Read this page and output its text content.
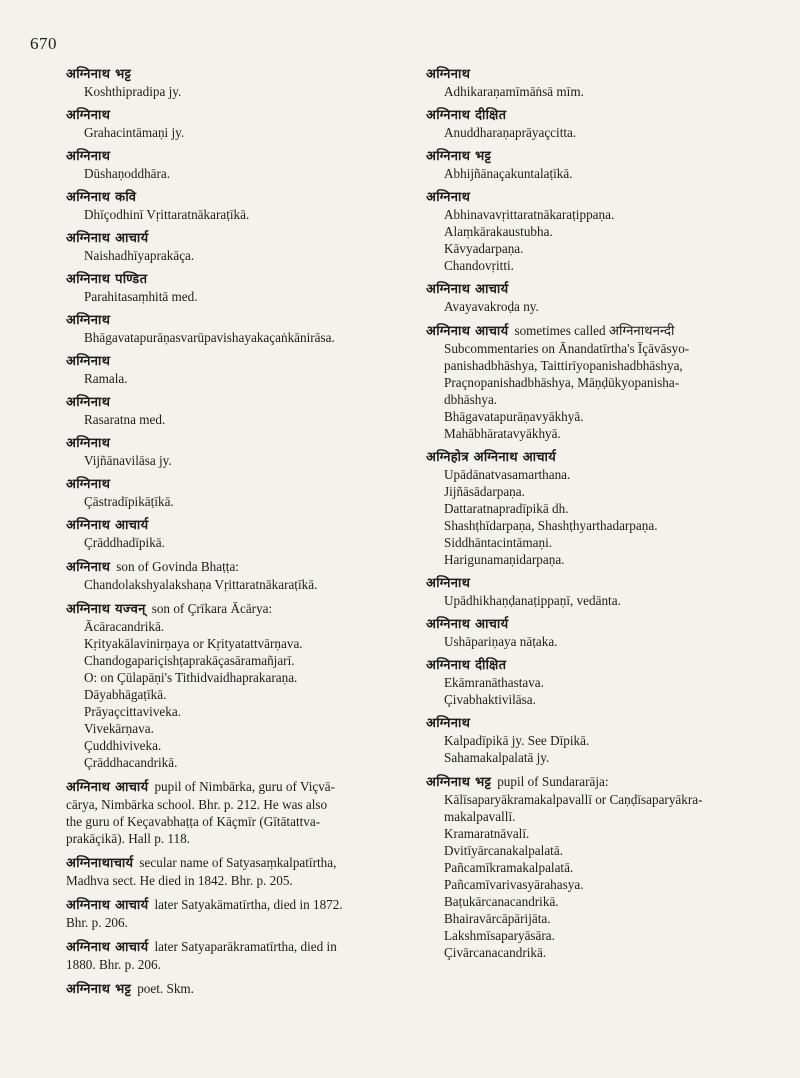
670
अग्निनाथ भट्ट
Koshthipradipa jy.
अग्निनाथ
Grahacintāmaṇi jy.
अग्निनाथ
Dūshaṇoddhāra.
अग्निनाथ कवि
Dhīçodhinī Vṛittaratnākaraṭīkā.
अग्निनाथ आचार्य
Naishadhīyaprakāça.
अग्निनाथ पण्डित
Parahitasaṃhitā med.
अग्निनाथ
Bhāgavatapurāṇasvarūpavishayakaçaṅkānirāsa.
अग्निनाथ
Ramala.
अग्निनाथ
Rasaratna med.
अग्निनाथ
Vijñānavilāsa jy.
अग्निनाथ
Çāstradīpikāṭīkā.
अग्निनाथ आचार्य
Çrāddhadīpikā.
अग्निनाथ son of Govinda Bhaṭṭa:
Chandolakshyalakshaṇa Vṛittaratnākaraṭīkā.
अग्निनाथ यज्वन् son of Çrīkara Ācārya:
Ācāracandrikā.
Kṛityakālavinirṇaya or Kṛityatattvārṇava.
Chandogapariçishṭaprakāçasāramañjarī.
O: on Çūlapāṇi's Tithidvaidhaprakaraṇa.
Dāyabhāgaṭīkā.
Prāyaçcittaviveka.
Vivekārṇava.
Çuddhiviveka.
Çrāddhacandrikā.
अग्निनाथ आचार्य pupil of Nimbārka, guru of Viçvā-
cārya, Nimbārka school. Bhr. p. 212. He was also
the guru of Keçavabhaṭṭa of Kāçmīr (Gītātattva-
prakāçikā). Hall p. 118.
अग्निनाथाचार्य secular name of Satyasaṃkalpatīrtha,
Madhva sect. He died in 1842. Bhr. p. 205.
अग्निनाथ आचार्य later Satyakāmatīrtha, died in 1872.
Bhr. p. 206.
अग्निनाथ आचार्य later Satyaparākramatīrtha, died in
1880. Bhr. p. 206.
अग्निनाथ भट्ट poet. Skm.
अग्निनाथ
Adhikaraṇamīmāṅsā mīm.
अग्निनाथ दीक्षित
Anuddharaṇaprāyaçcitta.
अग्निनाथ भट्ट
Abhijñānaçakuntalaṭīkā.
अग्निनाथ
Abhinavavṛittaratnākaraṭippaṇa.
Alaṃkārakaustubha.
Kāvyadarpaṇa.
Chandovṛitti.
अग्निनाथ आचार्य
Avayavakroḍa ny.
अग्निनाथ आचार्य sometimes called अग्निनाथनन्दी
Subcommentaries on Ānandatīrtha's Īçāvāsyo-
panishadbhāshya, Taittirīyopanishadbhāshya,
Praçnopanishadbhāshya, Māṇḍūkyopanisha-
dbhāshya.
Bhāgavatapurāṇavyākhyā.
Mahābhāratavyākhyā.
अग्निहोत्र अग्निनाथ आचार्य
Upādānatvasamarthana.
Jijñāsādarpaṇa.
Dattaratnapradīpikā dh.
Shashṭhīdarpaṇa, Shashṭhyarthadarpaṇa.
Siddhāntacintāmaṇi.
Harigunamaṇidarpaṇa.
अग्निनाथ
Upādhikhaṇḍanaṭippaṇī, vedānta.
अग्निनाथ आचार्य
Ushāpariṇaya nāṭaka.
अग्निनाथ दीक्षित
Ekāmranāthastava.
Çivabhaktivilāsa.
अग्निनाथ
Kalpadīpikā jy. See Dīpikā.
Sahamakalpalatā jy.
अग्निनाथ भट्ट pupil of Sundararāja:
Kālīsaparyākramakalpavallī or Caṇḍīsaparyākra-
makalpavallī.
Kramaratnāvalī.
Dvitīyārcanakalpalatā.
Pañcamīkramakalpalatā.
Pañcamīvarivasyārahasya.
Baṭukārcanacandrikā.
Bhairavārcāpārijāta.
Lakshmīsaparyāsāra.
Çivārcanacandrikā.
